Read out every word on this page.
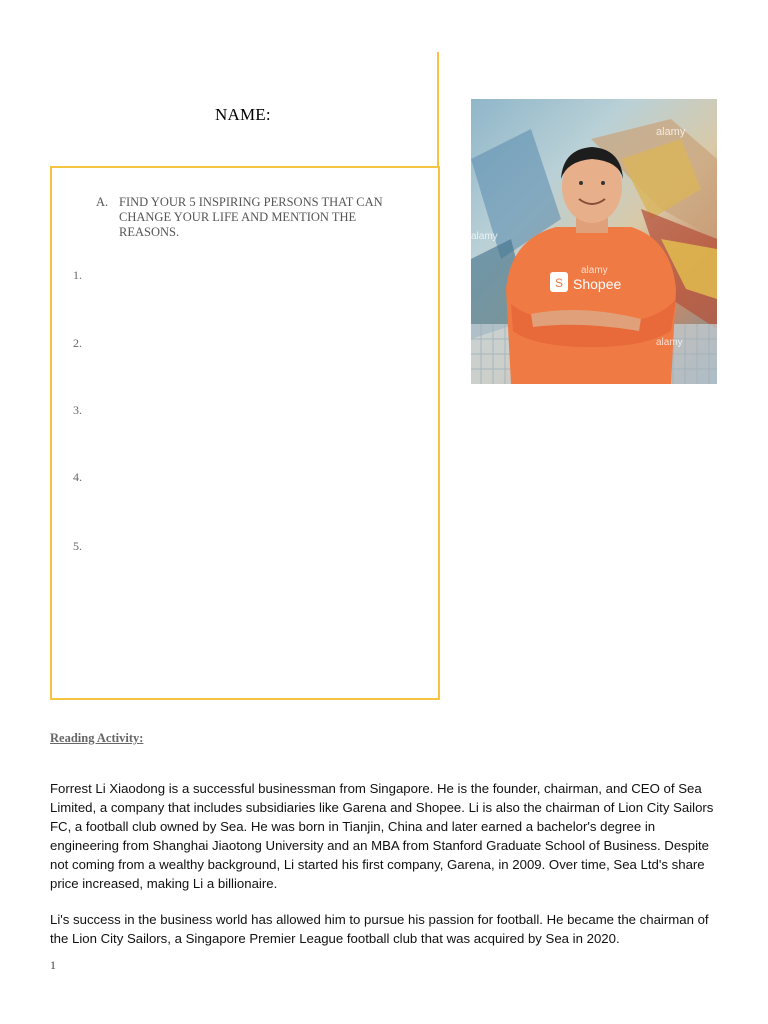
NAME:
A. FIND YOUR 5 INSPIRING PERSONS THAT CAN CHANGE YOUR LIFE AND MENTION THE REASONS.
1.
2.
3.
4.
5.
S Shopee
alamy
alamy
alamy
alamy
Reading Activity:

Forrest Li Xiaodong is a successful businessman from Singapore. He is the founder, chairman, and CEO of Sea Limited, a company that includes subsidiaries like Garena and Shopee. Li is also the chairman of Lion City Sailors FC, a football club owned by Sea. He was born in Tianjin, China and later earned a bachelor's degree in engineering from Shanghai Jiaotong University and an MBA from Stanford Graduate School of Business. Despite not coming from a wealthy background, Li started his first company, Garena, in 2009. Over time, Sea Ltd's share price increased, making Li a billionaire.

Li's success in the business world has allowed him to pursue his passion for football. He became the chairman of the Lion City Sailors, a Singapore Premier League football club that was acquired by Sea in 2020.

1
